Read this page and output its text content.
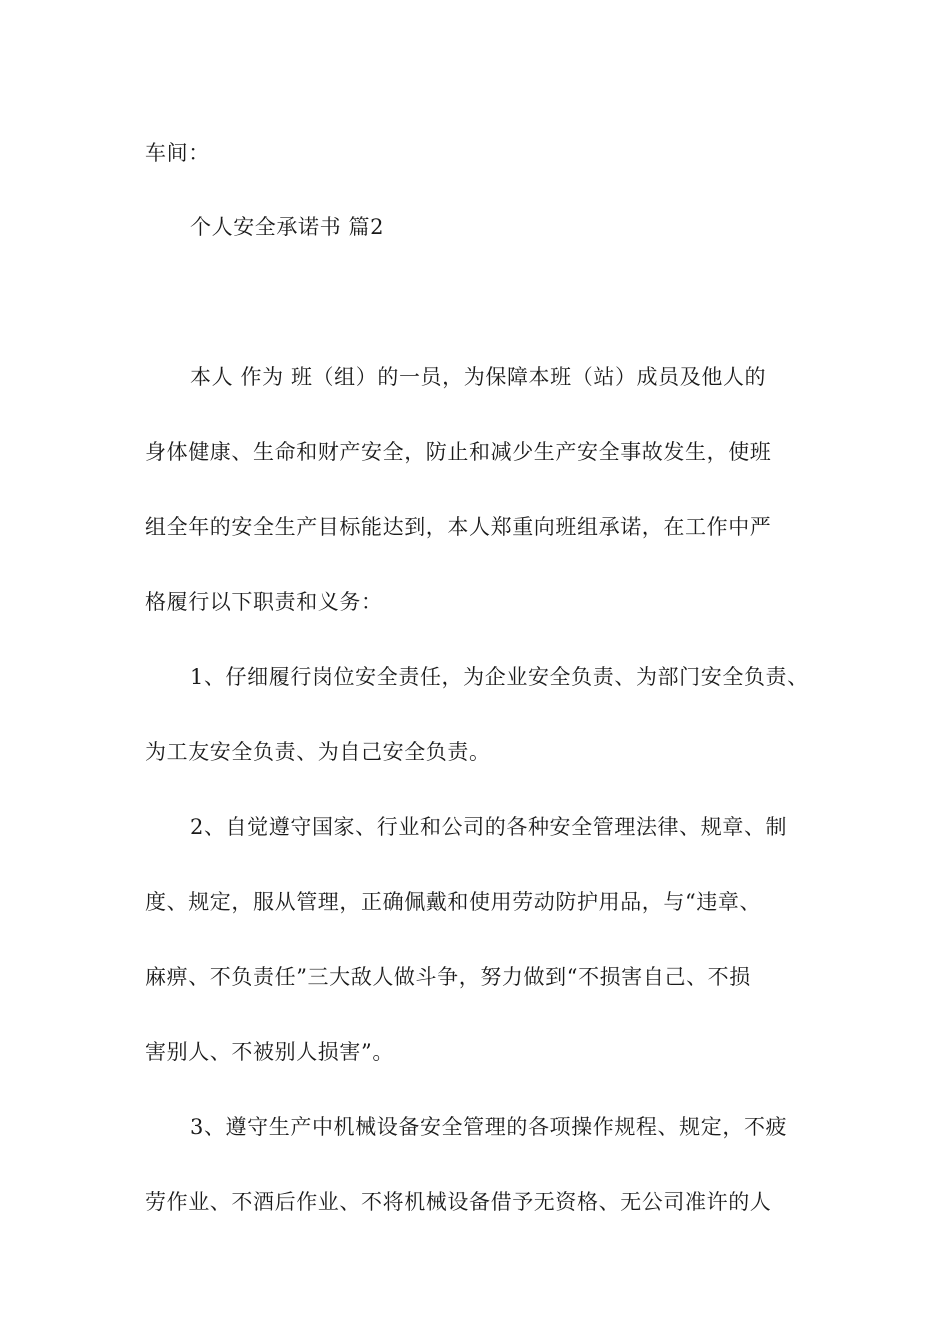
车间：
个人安全承诺书 篇2
本人 作为 班（组）的一员，为保障本班（站）成员及他人的
身体健康、生命和财产安全，防止和减少生产安全事故发生，使班
组全年的安全生产目标能达到，本人郑重向班组承诺，在工作中严
格履行以下职责和义务：
1、仔细履行岗位安全责任，为企业安全负责、为部门安全负责、
为工友安全负责、为自己安全负责。
2、自觉遵守国家、行业和公司的各种安全管理法律、规章、制
度、规定，服从管理，正确佩戴和使用劳动防护用品，与“违章、
麻痹、不负责任”三大敌人做斗争，努力做到“不损害自己、不损
害别人、不被别人损害”。
3、遵守生产中机械设备安全管理的各项操作规程、规定，不疲
劳作业、不酒后作业、不将机械设备借予无资格、无公司准许的人
